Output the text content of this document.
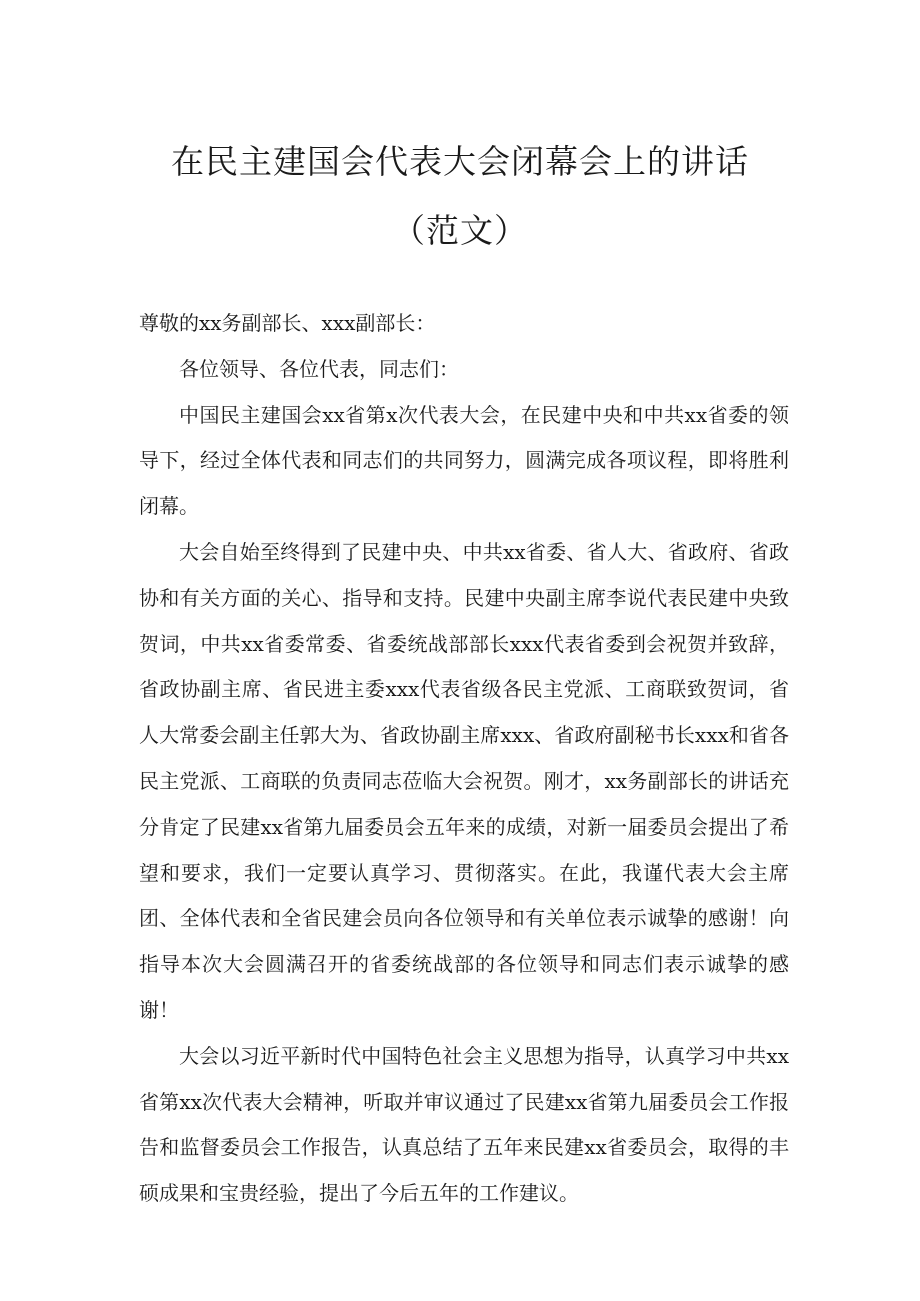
在民主建国会代表大会闭幕会上的讲话
（范文）

尊敬的xx务副部长、xxx副部长：

各位领导、各位代表，同志们：

中国民主建国会xx省第x次代表大会，在民建中央和中共xx省委的领导下，经过全体代表和同志们的共同努力，圆满完成各项议程，即将胜利闭幕。

大会自始至终得到了民建中央、中共xx省委、省人大、省政府、省政协和有关方面的关心、指导和支持。民建中央副主席李说代表民建中央致贺词，中共xx省委常委、省委统战部部长xxx代表省委到会祝贺并致辞，省政协副主席、省民进主委xxx代表省级各民主党派、工商联致贺词，省人大常委会副主任郭大为、省政协副主席xxx、省政府副秘书长xxx和省各民主党派、工商联的负责同志莅临大会祝贺。刚才，xx务副部长的讲话充分肯定了民建xx省第九届委员会五年来的成绩，对新一届委员会提出了希望和要求，我们一定要认真学习、贯彻落实。在此，我谨代表大会主席团、全体代表和全省民建会员向各位领导和有关单位表示诚挚的感谢！向指导本次大会圆满召开的省委统战部的各位领导和同志们表示诚挚的感谢！

大会以习近平新时代中国特色社会主义思想为指导，认真学习中共xx省第xx次代表大会精神，听取并审议通过了民建xx省第九届委员会工作报告和监督委员会工作报告，认真总结了五年来民建xx省委员会，取得的丰硕成果和宝贵经验，提出了今后五年的工作建议。
